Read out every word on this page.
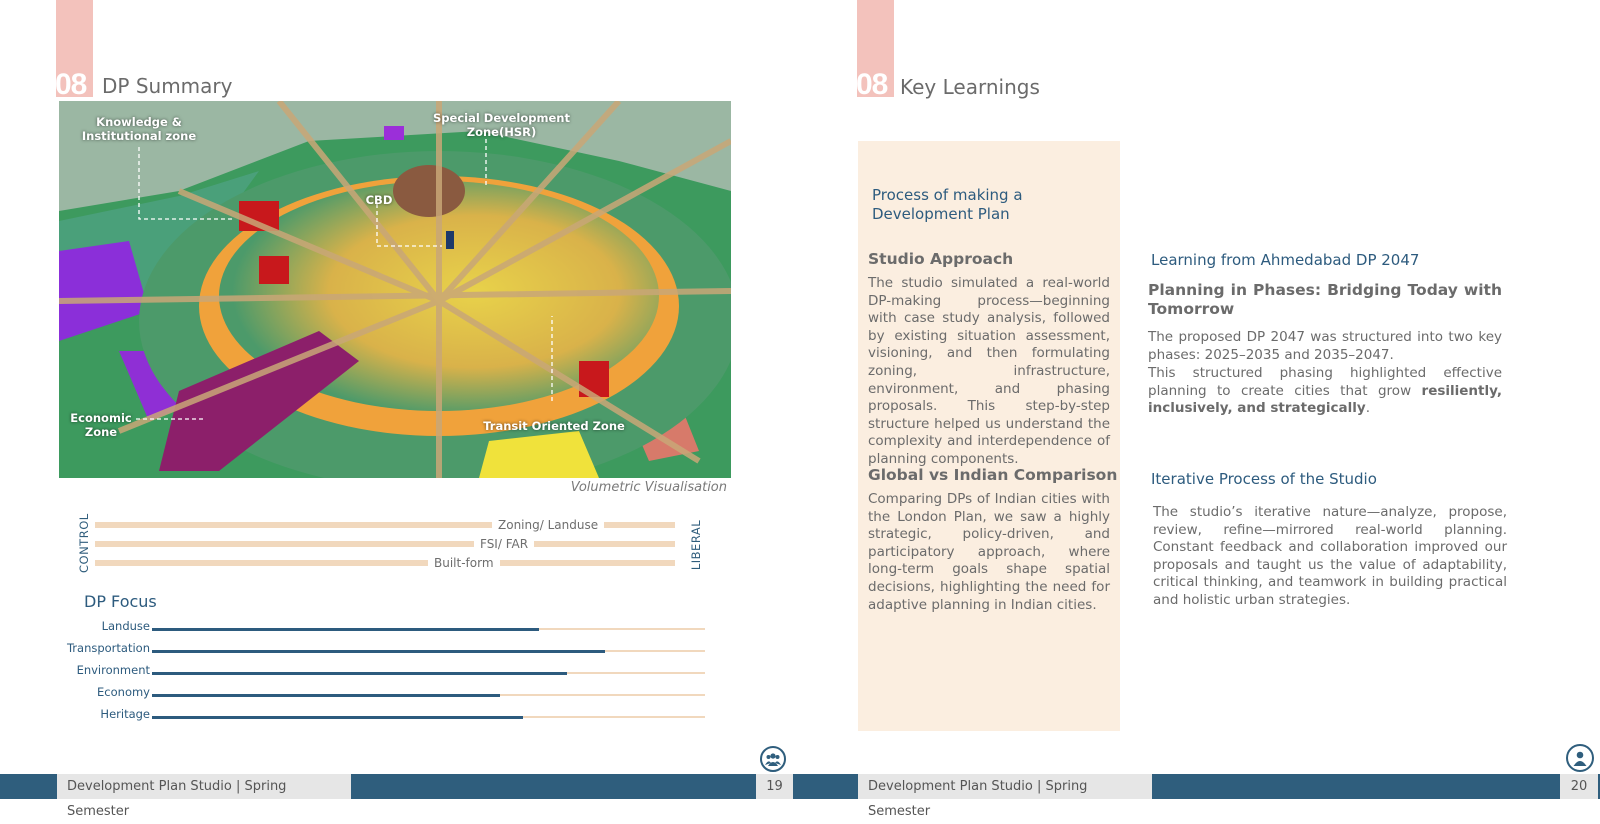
08 DP Summary
Knowledge &
Institutional zone
Special Development
Zone(HSR)
CBD
Economic
Zone	Transit Oriented Zone
Volumetric Visualisation
CONTROL	LIBERAL
Zoning/ Landuse
FSI/ FAR
Built-form
DP Focus
Landuse
Transportation
Environment
Economy
Heritage
Development Plan Studio | Spring Semester
19
08 Key Learnings
Process of making a
Development Plan
Studio Approach
The studio simulated a real-world DP-making process—beginning with case study analysis, followed by existing situation assessment, visioning, and then formulating zoning, infrastructure, environment, and phasing proposals. This step-by-step structure helped us understand the complexity and interdependence of planning components.
Global vs Indian Comparison
Comparing DPs of Indian cities with the London Plan, we saw a highly strategic, policy-driven, and participatory approach, where long-term goals shape spatial decisions, highlighting the need for adaptive planning in Indian cities.
Learning from Ahmedabad DP 2047
Planning in Phases: Bridging Today with Tomorrow
The proposed DP 2047 was structured into two key phases: 2025–2035 and 2035–2047.
This structured phasing highlighted effective planning to create cities that grow resiliently, inclusively, and strategically.
Iterative Process of the Studio
The studio’s iterative nature—analyze, propose, review, refine—mirrored real-world planning. Constant feedback and collaboration improved our proposals and taught us the value of adaptability, critical thinking, and teamwork in building practical and holistic urban strategies.
Development Plan Studio | Spring Semester
20
